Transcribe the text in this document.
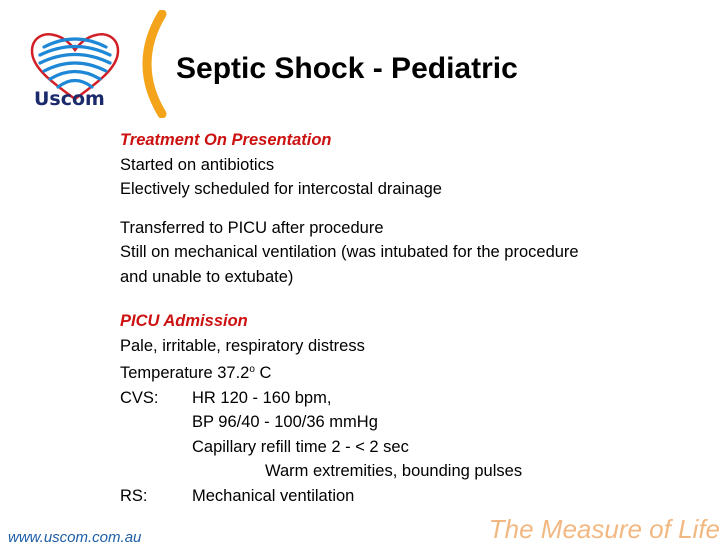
Uscom
Septic Shock - Pediatric
Treatment On Presentation
Started on antibiotics
Electively scheduled for intercostal drainage
Transferred to PICU after procedure
Still on mechanical ventilation (was intubated for the procedure
and unable to extubate)
PICU Admission
Pale, irritable, respiratory distress
Temperature 37.2$^o$ C
CVS: HR 120 - 160 bpm,
BP 96/40 - 100/36 mmHg
Capillary refill time 2 - < 2 sec
Warm extremities, bounding pulses
RS:	Mechanical ventilation
www.uscom.com.au	The Measure of Life
